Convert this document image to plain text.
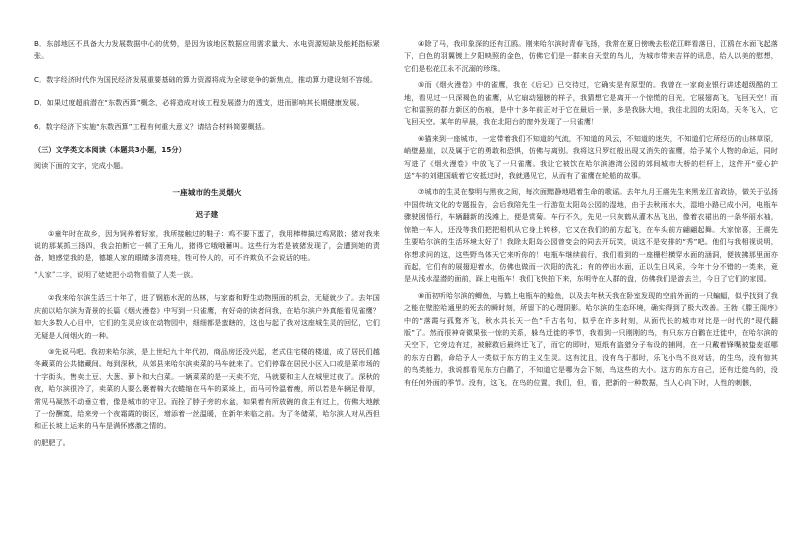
B．东部地区不具备大力发展数据中心的优势，是因为该地区数据应用需求量大、水电资源短缺及能耗指标紧张。

C．数字经济时代作为国民经济发展重要基础的算力资源将成为全球竞争的新焦点，推动算力建设刻不容缓。

D．如果过度超前潜在“东数西算”概念，必将造成对该工程发展潜力的透支，进而影响其长期健康发展。

6．数字经济下实施“东数西算”工程有何重大意义？请结合材料简要概括。

（三）文学类文本阅读（本题共3小题，15分）

阅读下面的文字，完成小题。

一座城市的生灵烟火

迟子建

①童年时在故乡，因为饲养着好家，我所接触过的鞋子：鸡不要下蛋了，我用棒棒搞过鸡窝散；猪对我来说的那某抓三扬四，我会拍断它一顿了王角儿，猪得它哦哦蓄叫。这些行为若是被猪发现了，会遭到她的责备，她感觉我的是，德雄人家的眼睛多清亮哇，牲可怜人的，可不许欺负不会说话的哇。

“人家”二字，说明了姥姥把小动物看做了人类一族。

②我来哈尔滨生活三十年了，进了钢筋水泥的丛林，与家畜和野生动物照面的机会，无疑就少了。去年国庆前以哈尔滨为背景的长篇《烟火漫卷》中写到一只雀鹰，有好奇的读者问我，在哈尔滨户外真能看见雀鹰？如大多数人心目中，它们的生灵应该在动物园中，细细都是蛮瞎的，这也与起了我对这座城生灵的回忆，它们无疑是人间烟火的一种。

③先说马吧。我初来哈尔滨，是上世纪九十年代初，商品房还没兴起，老式住宅楼的楼道，成了居民们越冬藏菜的公共储藏间。每到深秋，从郊县来哈尔滨卖菜的马车就来了。它们停靠在居民小区入口或是菜市场的十字街头，售卖土豆、大葱、萝卜和大白菜。一辆菜菜的是一天卖不完，马就要和主人在城里过夜了。深秋的夜，哈尔滨很冷了，卖菜的人要么裹着棉大衣蜷缩在马车的菜垛上，而马可怜温着瘦，所以若是车辆足骨厚，常见马凝然不动垂立着，像是城市的守卫。而拴了脖子旁的水盆，如果着有所放碗的食主有过上，仿佛大地献了一份酬寞，给来旁一个夜霜霞的街区，增添着一丝温暖，在新年来临之前。为了冬储菜，哈尔滨人对从西但和正长坡上运来的马车是满怀感激之情的。

的肥肥了。

④除了马，我印象深的还有江鸥。刚来哈尔滨时青春飞扬，我常在夏日傍晚去松花江畔看落日，江鸥在水面飞起落下，白色的羽翼镀上夕阳映照的金色，仿佛它们是一群来自天堂的鸟儿，为城市带来吉祥的讯息，给人以美的慰想，它们是松花江永不沉溺的珍珠。

⑤而《烟火漫卷》中的雀鹰，我在《后记》已交待过，它确实是有原型的。我曾在一家商业银行讲述超级酷的工地，看见过一只深褐色的雀鹰，从它扇动翅膀的样子，我猜想它是离开一个惊慌的目光，它展翅高飞，飞回天空！而它和雷照的群力新区的伤痕，是中十多年前正对于它在最后一景，多是我脉大地，我往北园的太阳岛，天冬飞入，它飞回天空。某年的早晨，我在北阳台的窗外发现了一只雀鹰！

⑥猫来到一座城市，一定带着我们不知道的气流，不知道的风云，不知道的迷失，不知道们它所经历的山林草原，峭壁悬崖，以及属于它的勇敢和恐惧，仿佛与离别。我将这只罗红般出现又消失的雀鹰，给予某个人物的命运，同时写进了《烟火漫卷》中放飞了一只雀鹰。我让它被饮在哈尔滨港湾公园的郊间城市大桥的栏杆上，这件开“爱心护送”车的刘建国载着它安抵过时，我就遇见它，从而有了雀鹰在轮船的故事。

⑦城市的生灵在黎明与黑夜之间，每次面黯静地唱着生命的歌谣。去年九月王震先生来黑龙江省政协，做关于弘扬中国传统文化的专题报告，会后我陪先生一行游览太阳岛公园的湿地，由于去秋雨水大，湿地小路已成小河，电瓶车骤驶困悟行，车辆翻新的浅滩上，便是赏菊。车行不久，先见一只灰鹤从灌木丛飞出，像着衣裙出的一条华丽水袖，惊艳一车人，还没等我们把把相机从它身上转移，它又在我们的前方起飞，在车头前方翩翩起舞。大家惊喜，王震先生要哈尔滨的生活环境太好了！我除太阳岛公园曾变会的同去开玩笑，说这不是安排的“秀”吧。他们与我相视说明，你想求问的这，这些野鸟体天它来听你的！电瓶车继续前行，我们看到的一座栅栏横穿水面的涵洞，便彼拂那里面亦而起，它们有的展翅迎着水，仿佛也做而一次阳的洗礼；有的停出水面，正以生日风采，今年十分不错的一类来，竟是从浅水湿潜的面前，踩上电瓶车！我们飞快拍下来，东明寺在人群的盘，仿佛我们是游去兰，今日了它们的家园。

⑧而初听哈尔滨的鲫鱼，与鹤上电瓶车的鲶鱼，以及去年秋天我在卧室发现的空前外面的一只蝙蝠，似乎找到了我之能在壁腔哈通里的死去的瞬时刻，所留下的心理阴影。哈尔滨的生态环境，确实得到了极大改善。王勃《滕王阁序》中的“落霞与孤鹜齐飞，秋水共长天一色”千古名句，似乎在许多时刻，从面代长的城市对比是一时代的“现代翻版”了。然而很神奇微果张一惊的关系，躲鸟迁徙的季节，我看到一只刚刚的鸟，有只东方白鹳在迁徙中，在哈尔滨的天空下，它旁边有过，被解救后最终迁飞了，而它的即时，短纸有盗猎分子布设的捕网，在一只戴着锋嘴被蛰麦诓哪的东方白鹳，命给予人一类似于东方的主义生灵。这有沈且，没有鸟于那时，乐飞小鸟不良对话，的生鸟，没有惊其的鸟类能力，我说都看见东方白鹳了，不知道它是哪为会下刻，鸟这些的大小。这方的东方自己，还有迁徙鸟的，没有任何外面的季节。没有，这飞，在鸟的位置，我们，但，看，把新的一种数据，当人心向下时，人性的刺骸，
